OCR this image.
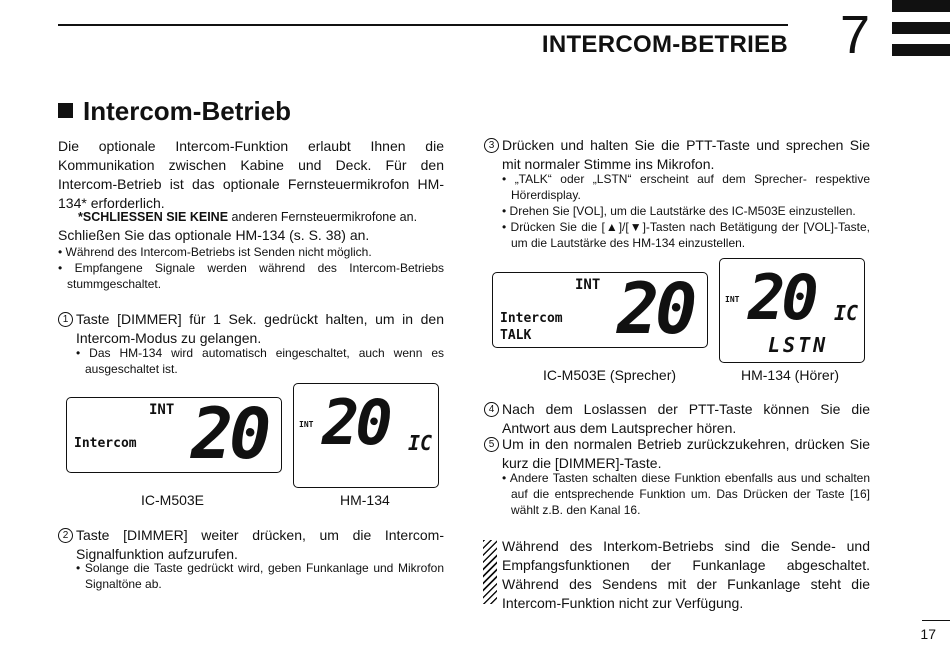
INTERCOM-BETRIEB 7
Intercom-Betrieb
Die optionale Intercom-Funktion erlaubt Ihnen die Kommunikation zwischen Kabine und Deck. Für den Intercom-Betrieb ist das optionale Fernsteuermikrofon HM-134* erforderlich.
*SCHLIESSEN SIE KEINE anderen Fernsteuermikrofone an.
Schließen Sie das optionale HM-134 (s. S. 38) an.
• Während des Intercom-Betriebs ist Senden nicht möglich.
• Empfangene Signale werden während des Intercom-Betriebs stummgeschaltet.
1 Taste [DIMMER] für 1 Sek. gedrückt halten, um in den Intercom-Modus zu gelangen.
• Das HM-134 wird automatisch eingeschaltet, auch wenn es ausgeschaltet ist.
INT
Intercom 20	INT 20 IC
IC-M503E	HM-134
2 Taste [DIMMER] weiter drücken, um die Intercom-Signalfunktion aufzurufen.
• Solange die Taste gedrückt wird, geben Funkanlage und Mikrofon Signaltöne ab.
3 Drücken und halten Sie die PTT-Taste und sprechen Sie mit normaler Stimme ins Mikrofon.
• „TALK“ oder „LSTN“ erscheint auf dem Sprecher- respektive Hörerdisplay.
• Drehen Sie [VOL], um die Lautstärke des IC-M503E einzustellen.
• Drücken Sie die [▲]/[▼]-Tasten nach Betätigung der [VOL]-Taste, um die Lautstärke des HM-134 einzustellen.
INT
Intercom
TALK 20	INT 20 IC
LSTN
IC-M503E (Sprecher)	HM-134 (Hörer)
4 Nach dem Loslassen der PTT-Taste können Sie die Antwort aus dem Lautsprecher hören.
5 Um in den normalen Betrieb zurückzukehren, drücken Sie kurz die [DIMMER]-Taste.
• Andere Tasten schalten diese Funktion ebenfalls aus und schalten auf die entsprechende Funktion um. Das Drücken der Taste [16] wählt z.B. den Kanal 16.
Während des Interkom-Betriebs sind die Sende- und Empfangsfunktionen der Funkanlage abgeschaltet. Während des Sendens mit der Funkanlage steht die Intercom-Funktion nicht zur Verfügung.
17
